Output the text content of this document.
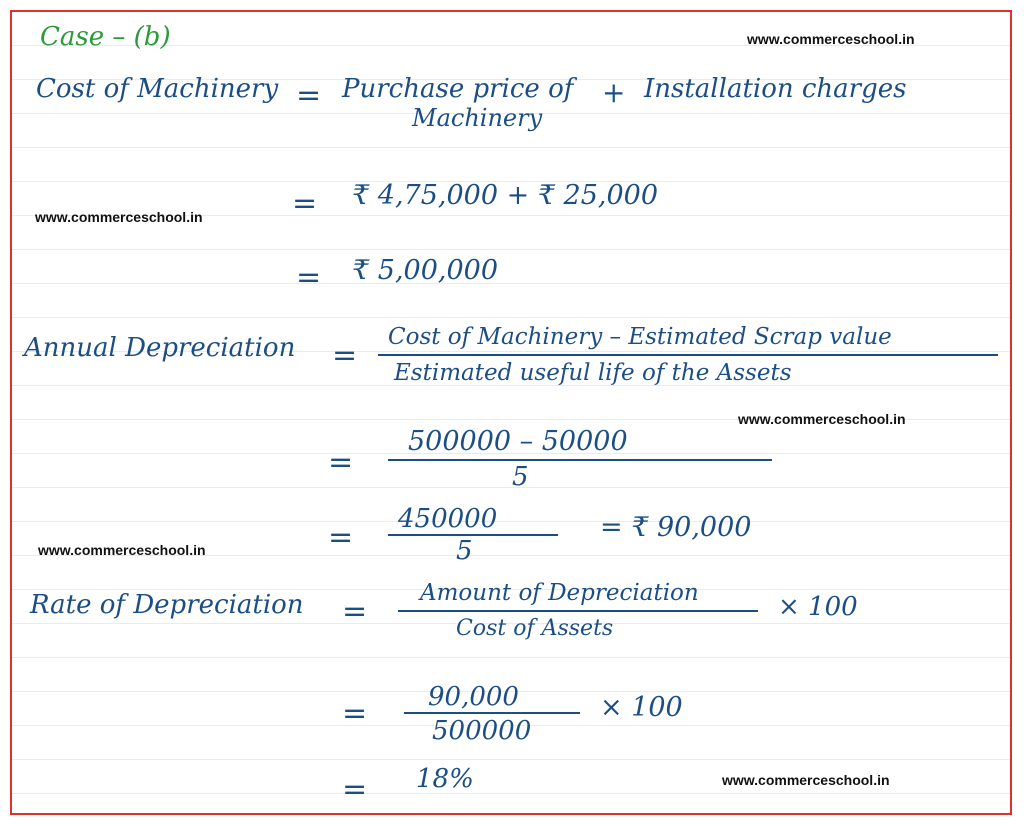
Case – (b)	www.commerceschool.in
www.commerceschool.in
www.commerceschool.in
www.commerceschool.in
www.commerceschool.in
Cost of Machinery = Purchase price of
Machinery
+ Installation charges
= ₹ 4,75,000 + ₹ 25,000
= ₹ 5,00,000
Annual Depreciation =
Cost of Machinery – Estimated Scrap value
Estimated useful life of the Assets
=
500000 – 50000
5
=
450000
5
= ₹ 90,000
Rate of Depreciation =
Amount of Depreciation
Cost of Assets
× 100
= 90,000
500000
× 100
= 18%
